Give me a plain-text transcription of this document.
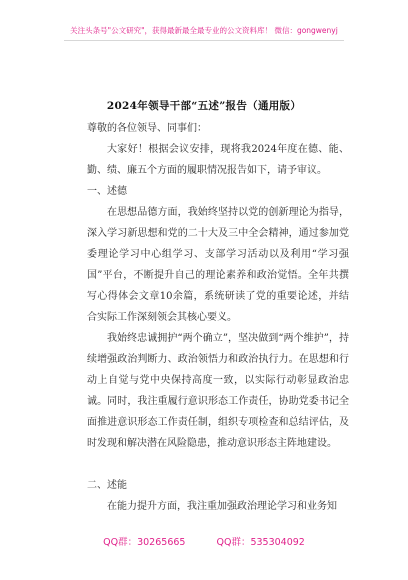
关注头条号"公文研究"，获得最新最全最专业的公文资料库！ 微信：gongwenyj
2024年领导干部“五述”报告（通用版）
尊敬的各位领导、同事们：
大家好！根据会议安排，现将我2024年度在德、能、勤、绩、廉五个方面的履职情况报告如下，请予审议。
一、述德
在思想品德方面，我始终坚持以党的创新理论为指导，深入学习新思想和党的二十大及三中全会精神，通过参加党委理论学习中心组学习、支部学习活动以及利用“学习强国”平台，不断提升自己的理论素养和政治觉悟。全年共撰写心得体会文章10余篇，系统研读了党的重要论述，并结合实际工作深刻领会其核心要义。
我始终忠诚拥护“两个确立”，坚决做到“两个维护”，持续增强政治判断力、政治领悟力和政治执行力。在思想和行动上自觉与党中央保持高度一致，以实际行动彰显政治忠诚。同时，我注重履行意识形态工作责任，协助党委书记全面推进意识形态工作责任制，组织专项检查和总结评估，及时发现和解决潜在风险隐患，推动意识形态主阵地建设。
二、述能
在能力提升方面，我注重加强政治理论学习和业务知
QQ群：30265665	QQ群：535304092
